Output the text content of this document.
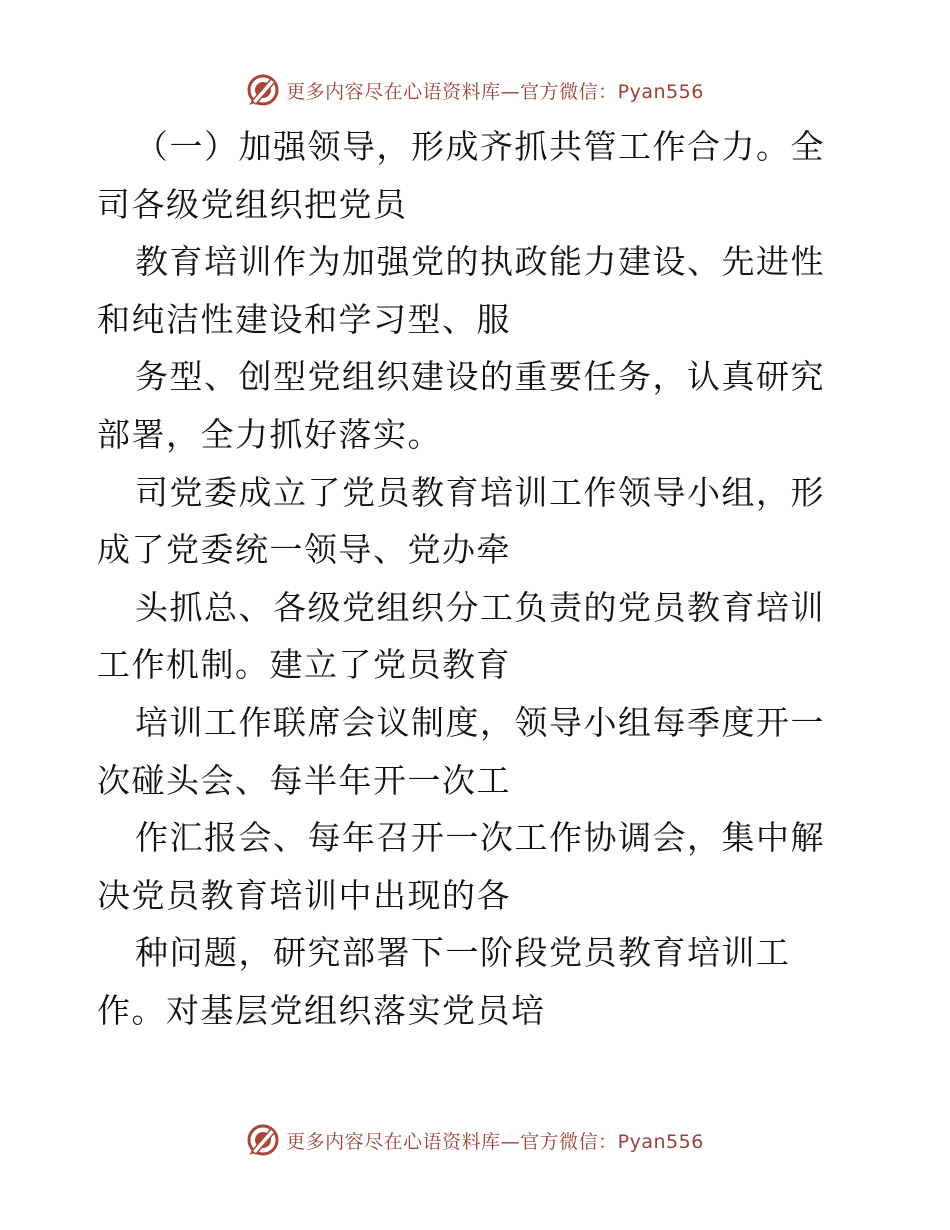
更多内容尽在心语资料库—官方微信：Pyan556

（一）加强领导，形成齐抓共管工作合力。全司各级党组织把党员

教育培训作为加强党的执政能力建设、先进性和纯洁性建设和学习型、服

务型、创型党组织建设的重要任务，认真研究部署，全力抓好落实。

司党委成立了党员教育培训工作领导小组，形成了党委统一领导、党办牵

头抓总、各级党组织分工负责的党员教育培训工作机制。建立了党员教育

培训工作联席会议制度，领导小组每季度开一次碰头会、每半年开一次工

作汇报会、每年召开一次工作协调会，集中解决党员教育培训中出现的各

种问题，研究部署下一阶段党员教育培训工作。对基层党组织落实党员培

更多内容尽在心语资料库—官方微信：Pyan556
